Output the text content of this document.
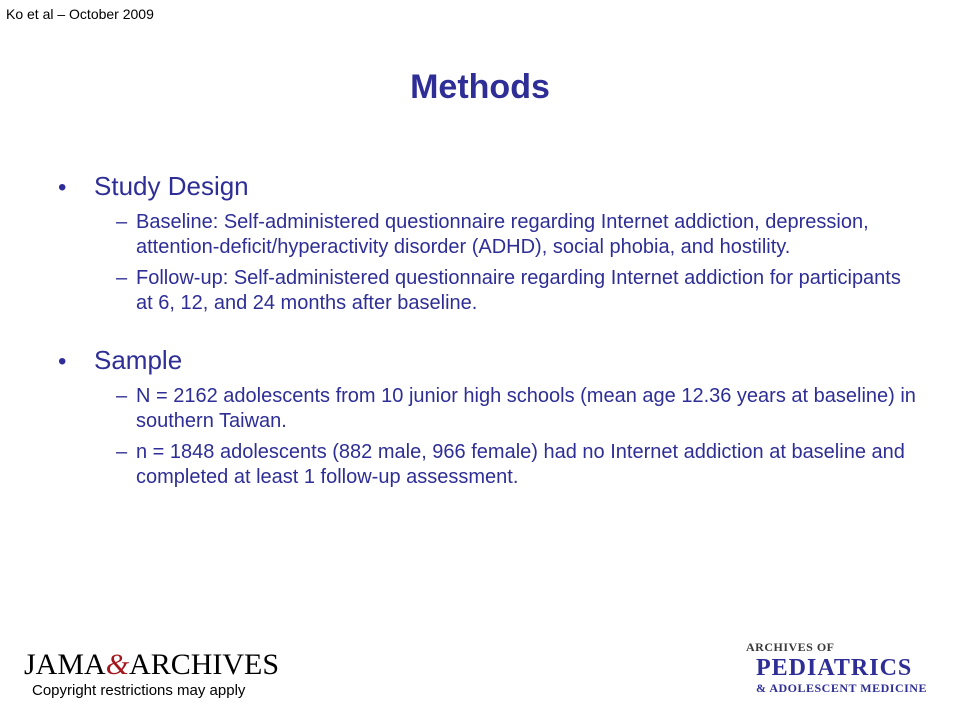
Ko et al – October 2009
Methods
•	Study Design
– Baseline: Self-administered questionnaire regarding Internet addiction, depression, attention-deficit/hyperactivity disorder (ADHD), social phobia, and hostility.
– Follow-up: Self-administered questionnaire regarding Internet addiction for participants at 6, 12, and 24 months after baseline.
•	Sample
– N = 2162 adolescents from 10 junior high schools (mean age 12.36 years at baseline) in southern Taiwan.
– n = 1848 adolescents (882 male, 966 female) had no Internet addiction at baseline and completed at least 1 follow-up assessment.
JAMA&ARCHIVES
Copyright restrictions may apply
ARCHIVES OF
PEDIATRICS
& ADOLESCENT MEDICINE
